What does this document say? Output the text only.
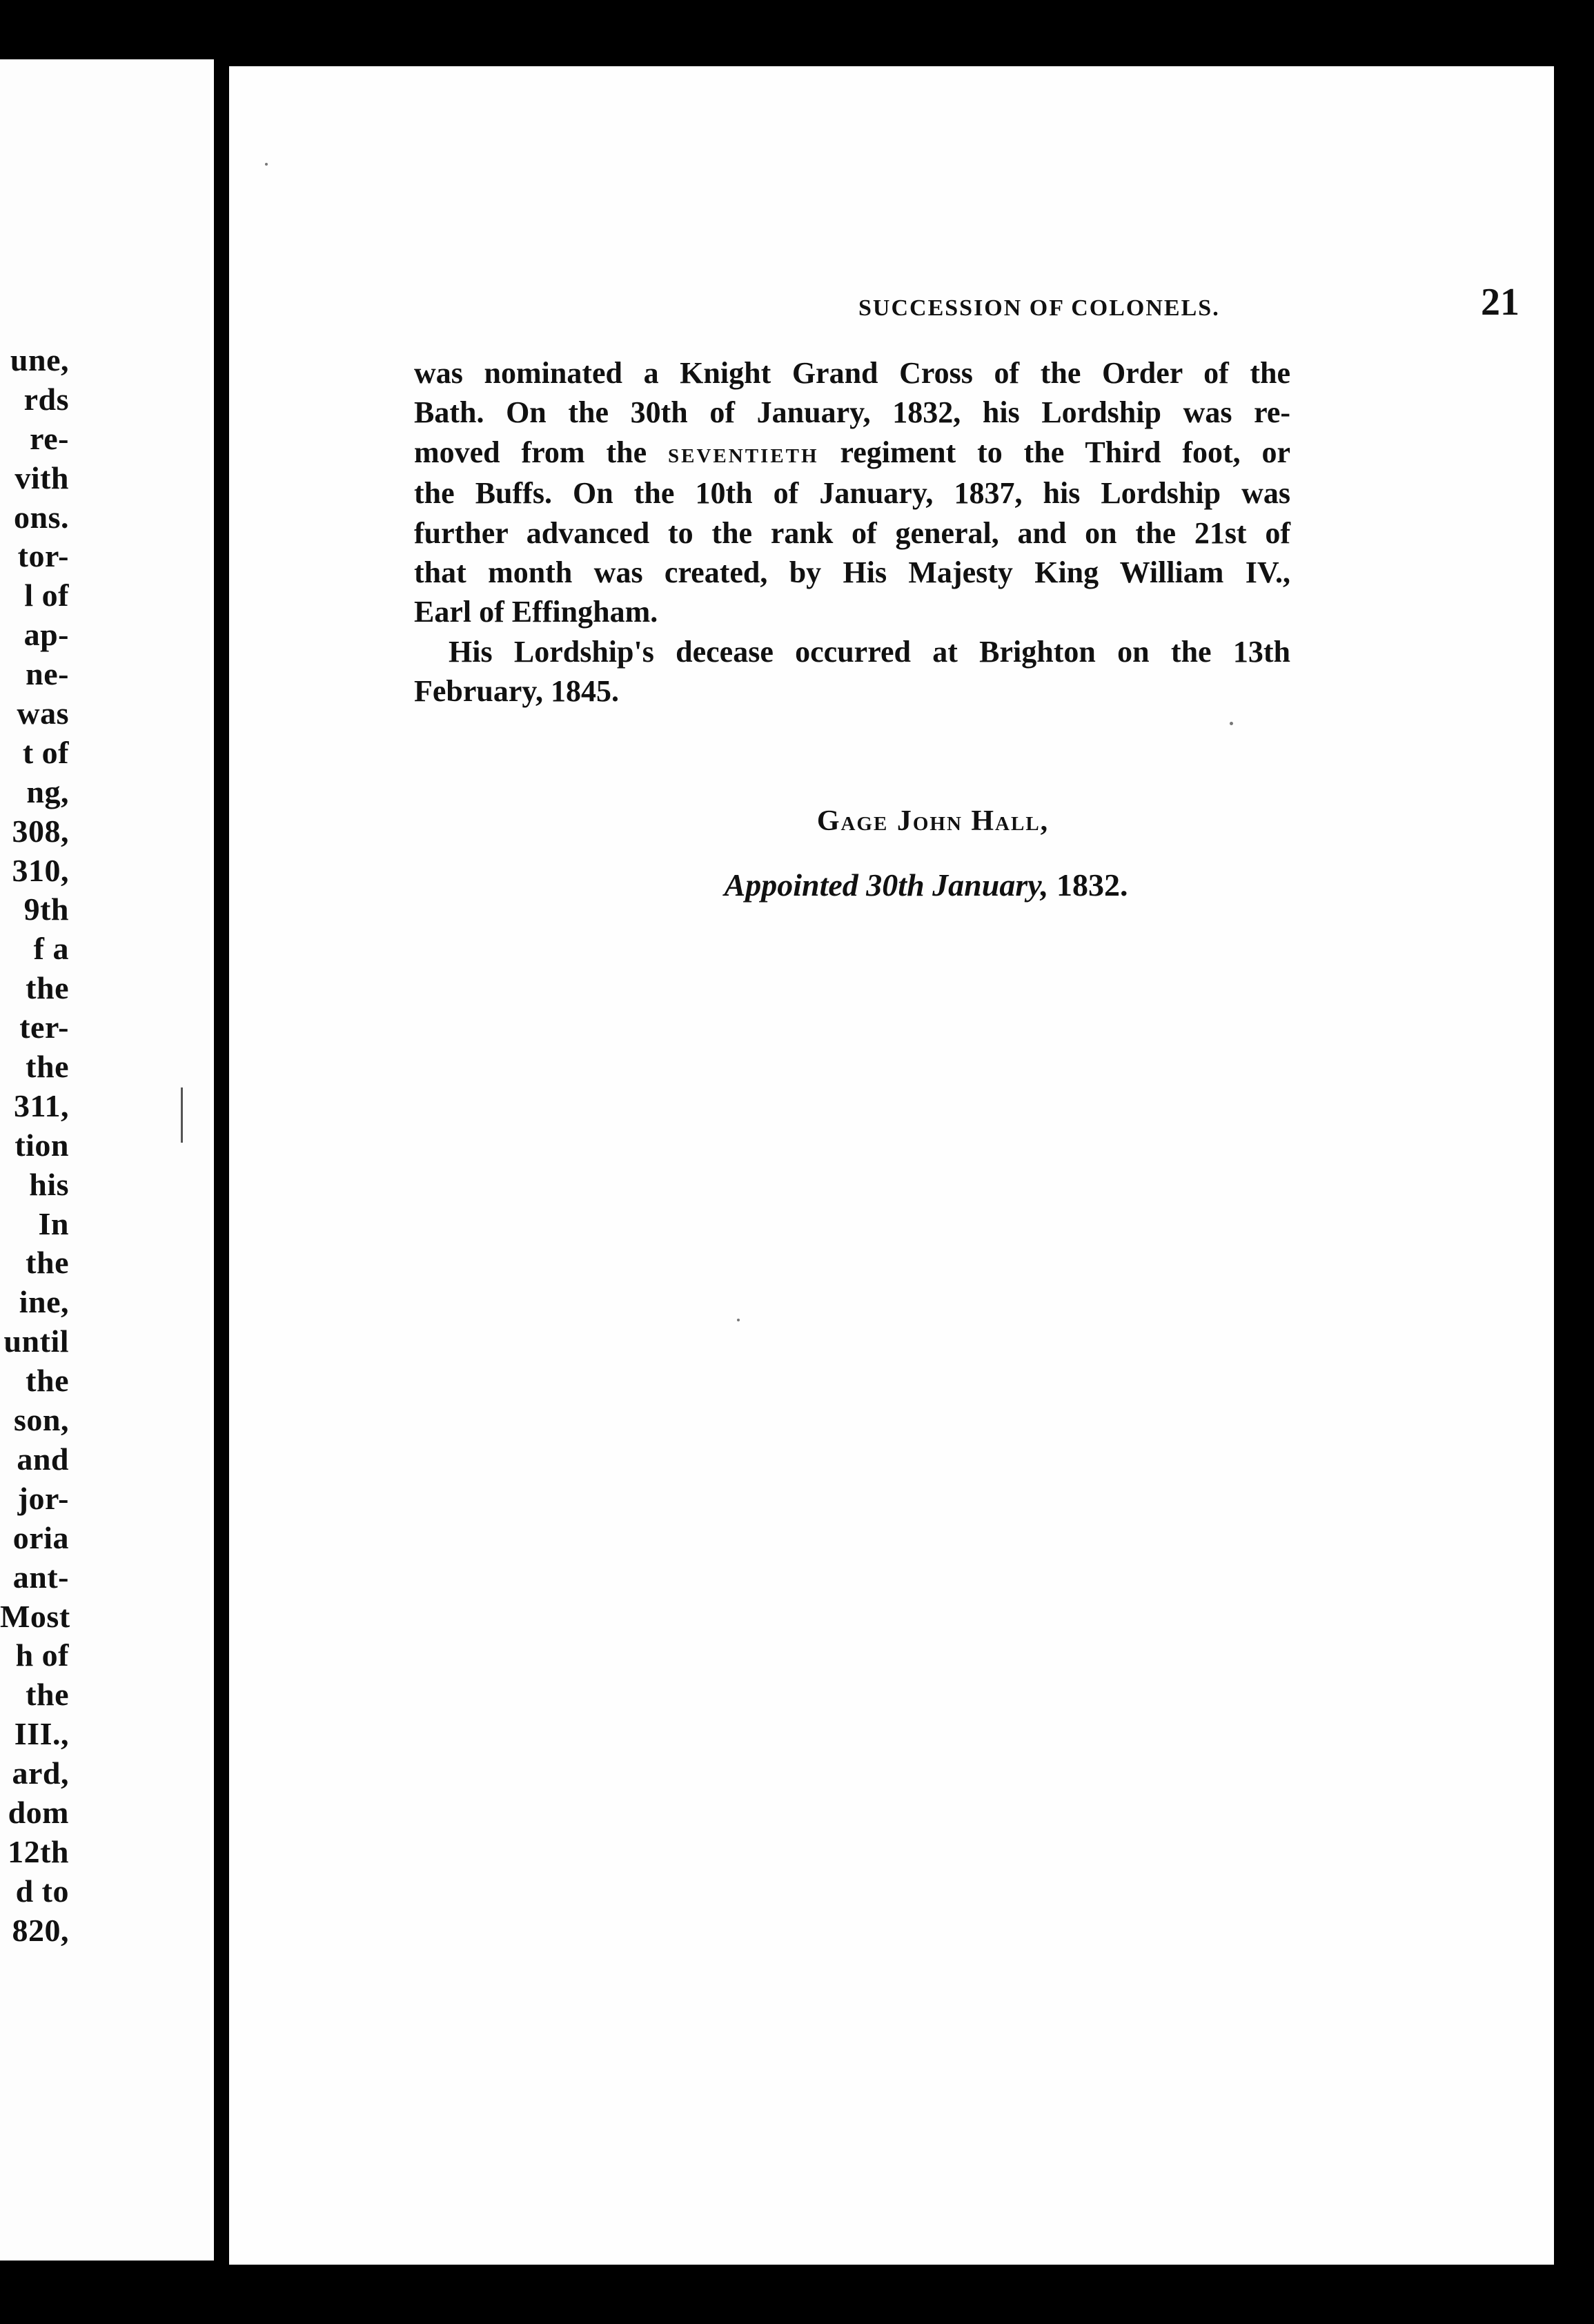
une,
rds
re-
vith
ons.
tor-
l of
ap-
ne-
was
t of
ng,
308,
310,
9th
f a
the
ter-
the
311,
tion
his
In
the
ine,
until
the
son,
and
jor-
oria
ant-
Most
h of
the
III.,
ard,
dom
12th
d to
820,
SUCCESSION OF COLONELS.	21
was nominated a Knight Grand Cross of the Order of the
Bath. On the 30th of January, 1832, his Lordship was re-
moved from the seventieth regiment to the Third foot, or
the Buffs. On the 10th of January, 1837, his Lordship was
further advanced to the rank of general, and on the 21st of
that month was created, by His Majesty King William IV.,
Earl of Effingham.
His Lordship's decease occurred at Brighton on the 13th
February, 1845.
Gage John Hall,
Appointed 30th January, 1832.
